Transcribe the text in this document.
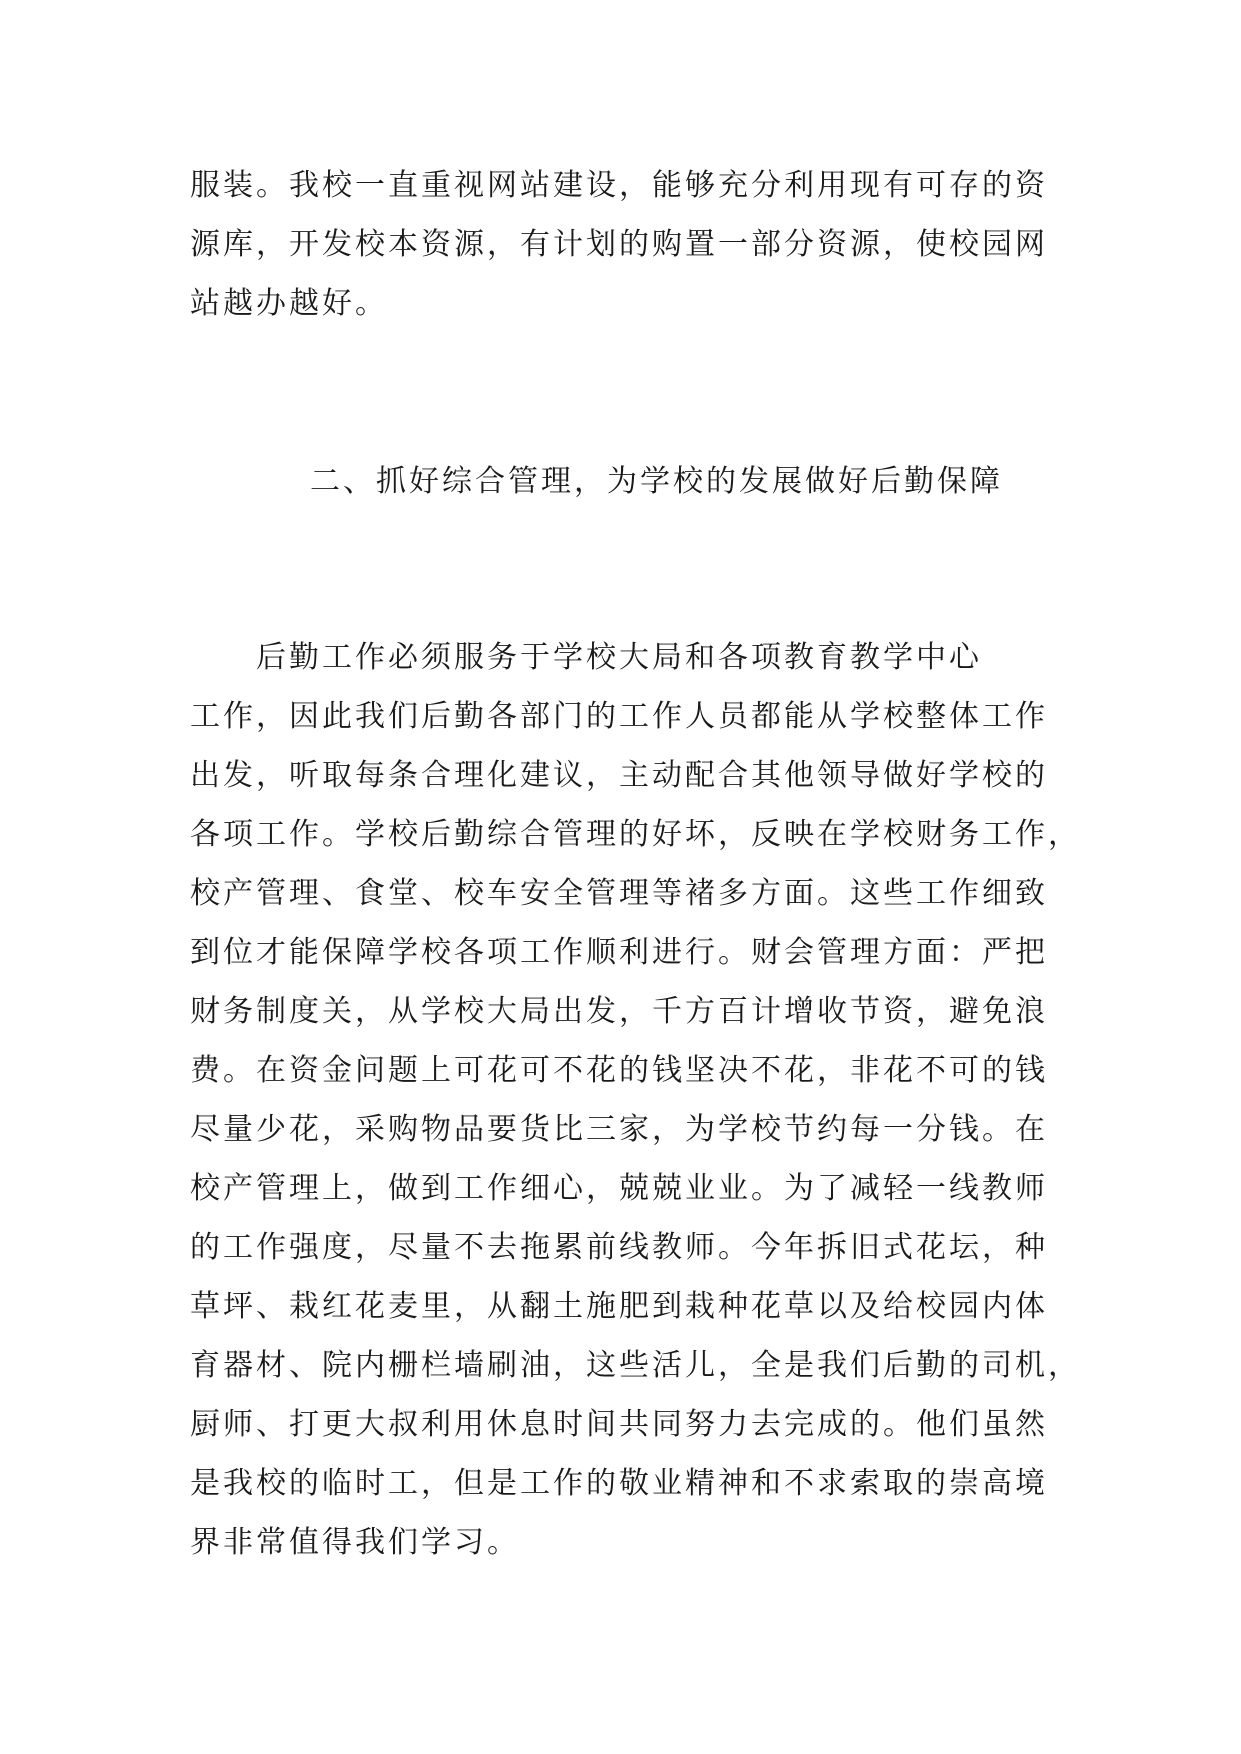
服装。我校一直重视网站建设，能够充分利用现有可存的资
源库，开发校本资源，有计划的购置一部分资源，使校园网
站越办越好。

二、抓好综合管理，为学校的发展做好后勤保障

　　后勤工作必须服务于学校大局和各项教育教学中心
工作，因此我们后勤各部门的工作人员都能从学校整体工作
出发，听取每条合理化建议，主动配合其他领导做好学校的
各项工作。学校后勤综合管理的好坏，反映在学校财务工作，
校产管理、食堂、校车安全管理等褚多方面。这些工作细致
到位才能保障学校各项工作顺利进行。财会管理方面：严把
财务制度关，从学校大局出发，千方百计增收节资，避免浪
费。在资金问题上可花可不花的钱坚决不花，非花不可的钱
尽量少花，采购物品要货比三家，为学校节约每一分钱。在
校产管理上，做到工作细心，兢兢业业。为了减轻一线教师
的工作强度，尽量不去拖累前线教师。今年拆旧式花坛，种
草坪、栽红花麦里，从翻土施肥到栽种花草以及给校园内体
育器材、院内栅栏墙刷油，这些活儿，全是我们后勤的司机，
厨师、打更大叔利用休息时间共同努力去完成的。他们虽然
是我校的临时工，但是工作的敬业精神和不求索取的崇高境
界非常值得我们学习。
